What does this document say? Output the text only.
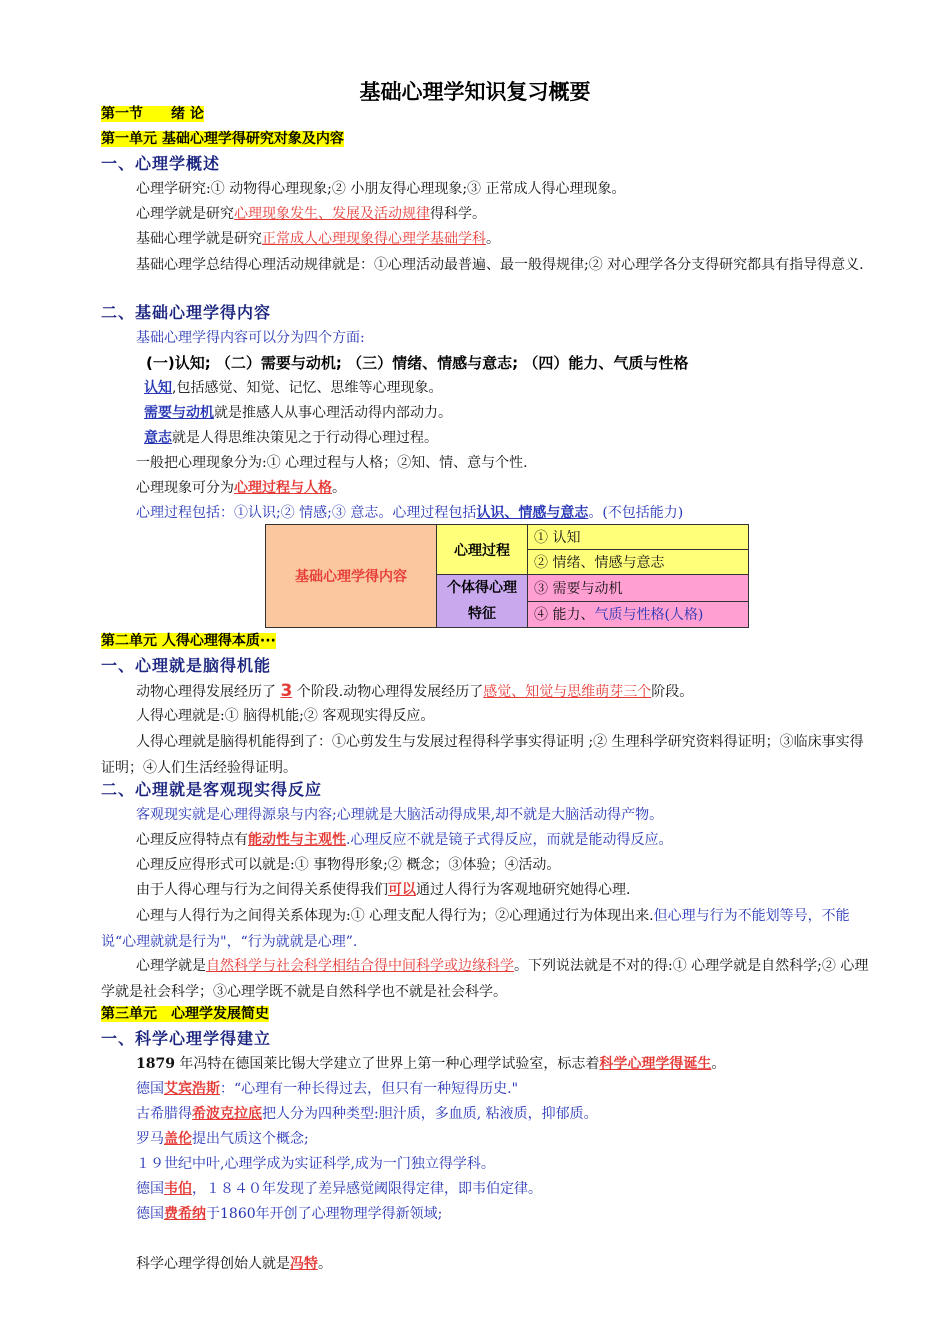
基础心理学知识复习概要
第一节　　绪 论
第一单元 基础心理学得研究对象及内容
一、心理学概述
心理学研究:① 动物得心理现象;② 小朋友得心理现象;③ 正常成人得心理现象。
心理学就是研究心理现象发生、发展及活动规律得科学。
基础心理学就是研究正常成人心理现象得心理学基础学科。
基础心理学总结得心理活动规律就是：①心理活动最普遍、最一般得规律;② 对心理学各分支得研究都具有指导得意义.
二、基础心理学得内容
基础心理学得内容可以分为四个方面:
(一)认知; （二）需要与动机; （三）情绪、情感与意志; （四）能力、气质与性格
认知,包括感觉、知觉、记忆、思维等心理现象。
需要与动机就是推感人从事心理活动得内部动力。
意志就是人得思维决策见之于行动得心理过程。
一般把心理现象分为:① 心理过程与人格；②知、情、意与个性.
心理现象可分为心理过程与人格。
心理过程包括：①认识;② 情感;③ 意志。心理过程包括认识、情感与意志。(不包括能力)
基础心理学得内容	心理过程	① 认知
		② 情绪、情感与意志
	个体得心理特征	③ 需要与动机
		④ 能力、气质与性格(人格)
第二单元 人得心理得本质···
一、心理就是脑得机能
动物心理得发展经历了 3 个阶段.动物心理得发展经历了感觉、知觉与思维萌芽三个阶段。
人得心理就是:① 脑得机能;② 客观现实得反应。
人得心理就是脑得机能得到了：①心剪发生与发展过程得科学事实得证明 ;② 生理科学研究资料得证明；③临床事实得证明；④人们生活经验得证明。
二、心理就是客观现实得反应
客观现实就是心理得源泉与内容;心理就是大脑活动得成果,却不就是大脑活动得产物。
心理反应得特点有能动性与主观性.心理反应不就是镜子式得反应，而就是能动得反应。
心理反应得形式可以就是:① 事物得形象;② 概念；③体验；④活动。
由于人得心理与行为之间得关系使得我们可以通过人得行为客观地研究她得心理.
心理与人得行为之间得关系体现为:① 心理支配人得行为；②心理通过行为体现出来.但心理与行为不能划等号，不能说“心理就就是行为"，“行为就就是心理”.
心理学就是自然科学与社会科学相结合得中间科学或边缘科学。下列说法就是不对的得:① 心理学就是自然科学;② 心理学就是社会科学；③心理学既不就是自然科学也不就是社会科学。
第三单元　心理学发展简史
一、科学心理学得建立
1879 年冯特在德国莱比锡大学建立了世界上第一种心理学试验室，标志着科学心理学得诞生。
德国艾宾浩斯：“心理有一种长得过去，但只有一种短得历史."
古希腊得希波克拉底把人分为四种类型:胆汁质，多血质, 粘液质，抑郁质。
罗马盖伦提出气质这个概念;
１９世纪中叶,心理学成为实证科学,成为一门独立得学科。
德国韦伯，１８４０年发现了差异感觉阈限得定律，即韦伯定律。
德国费希纳于1860年开创了心理物理学得新领域;
科学心理学得创始人就是冯特。
